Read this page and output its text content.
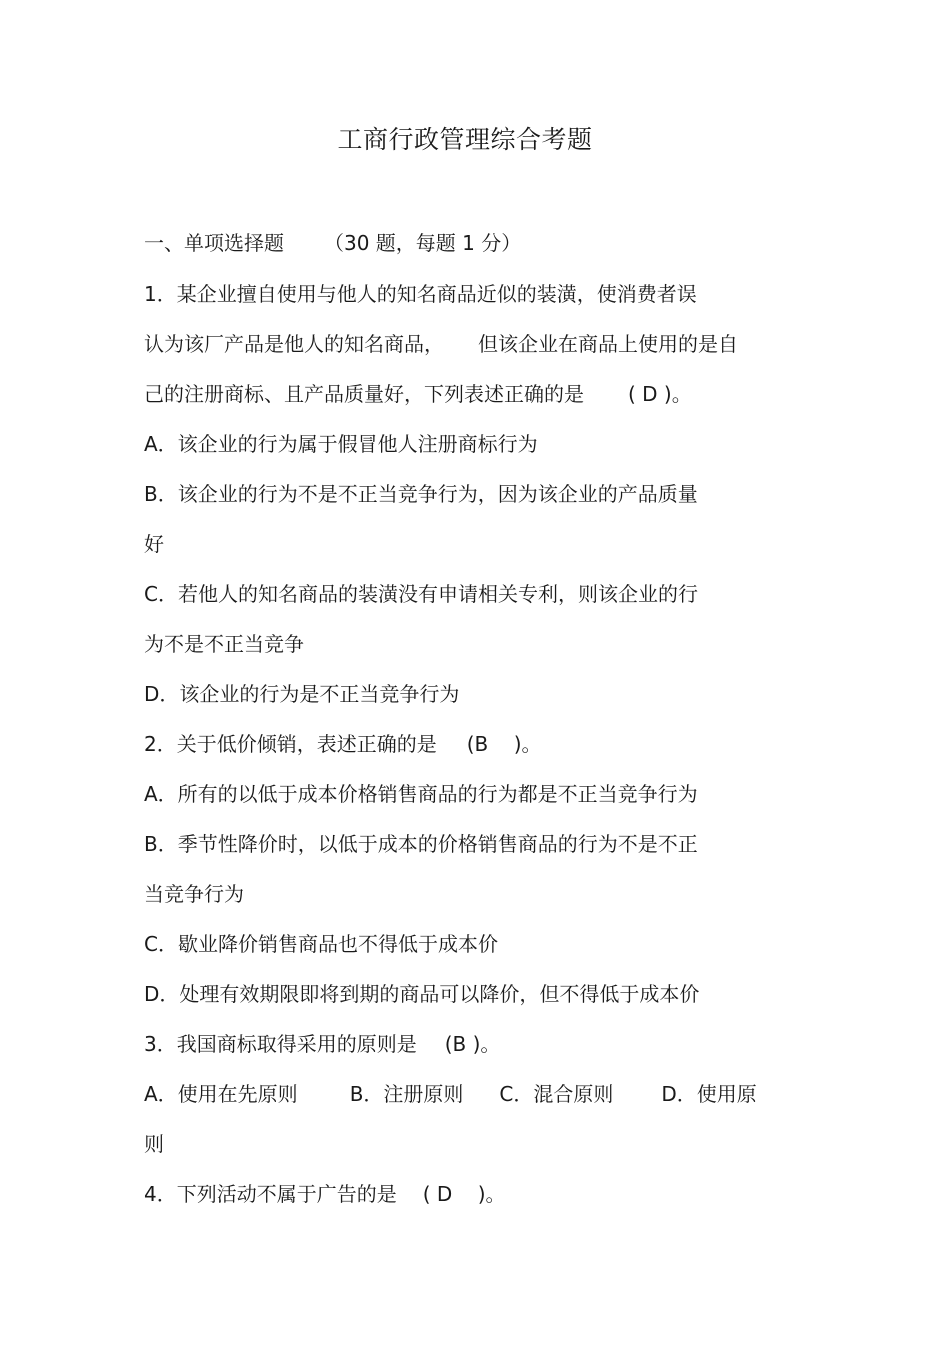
工商行政管理综合考题
一、单项选择题 （30 题，每题 1 分）
1．某企业擅自使用与他人的知名商品近似的装潢，使消费者误
认为该厂产品是他人的知名商品， 但该企业在商品上使用的是自
己的注册商标、且产品质量好，下列表述正确的是 ( D )。
A．该企业的行为属于假冒他人注册商标行为
B．该企业的行为不是不正当竞争行为，因为该企业的产品质量
好
C．若他人的知名商品的装潢没有申请相关专利，则该企业的行
为不是不正当竞争
D．该企业的行为是不正当竞争行为
2．关于低价倾销，表述正确的是 (B    )。
A．所有的以低于成本价格销售商品的行为都是不正当竞争行为
B．季节性降价时，以低于成本的价格销售商品的行为不是不正
当竞争行为
C．歇业降价销售商品也不得低于成本价
D．处理有效期限即将到期的商品可以降价，但不得低于成本价
3．我国商标取得采用的原则是 (B )。
A．使用在先原则	B．注册原则 C．混合原则 D．使用原
则
4．下列活动不属于广告的是 ( D    )。
